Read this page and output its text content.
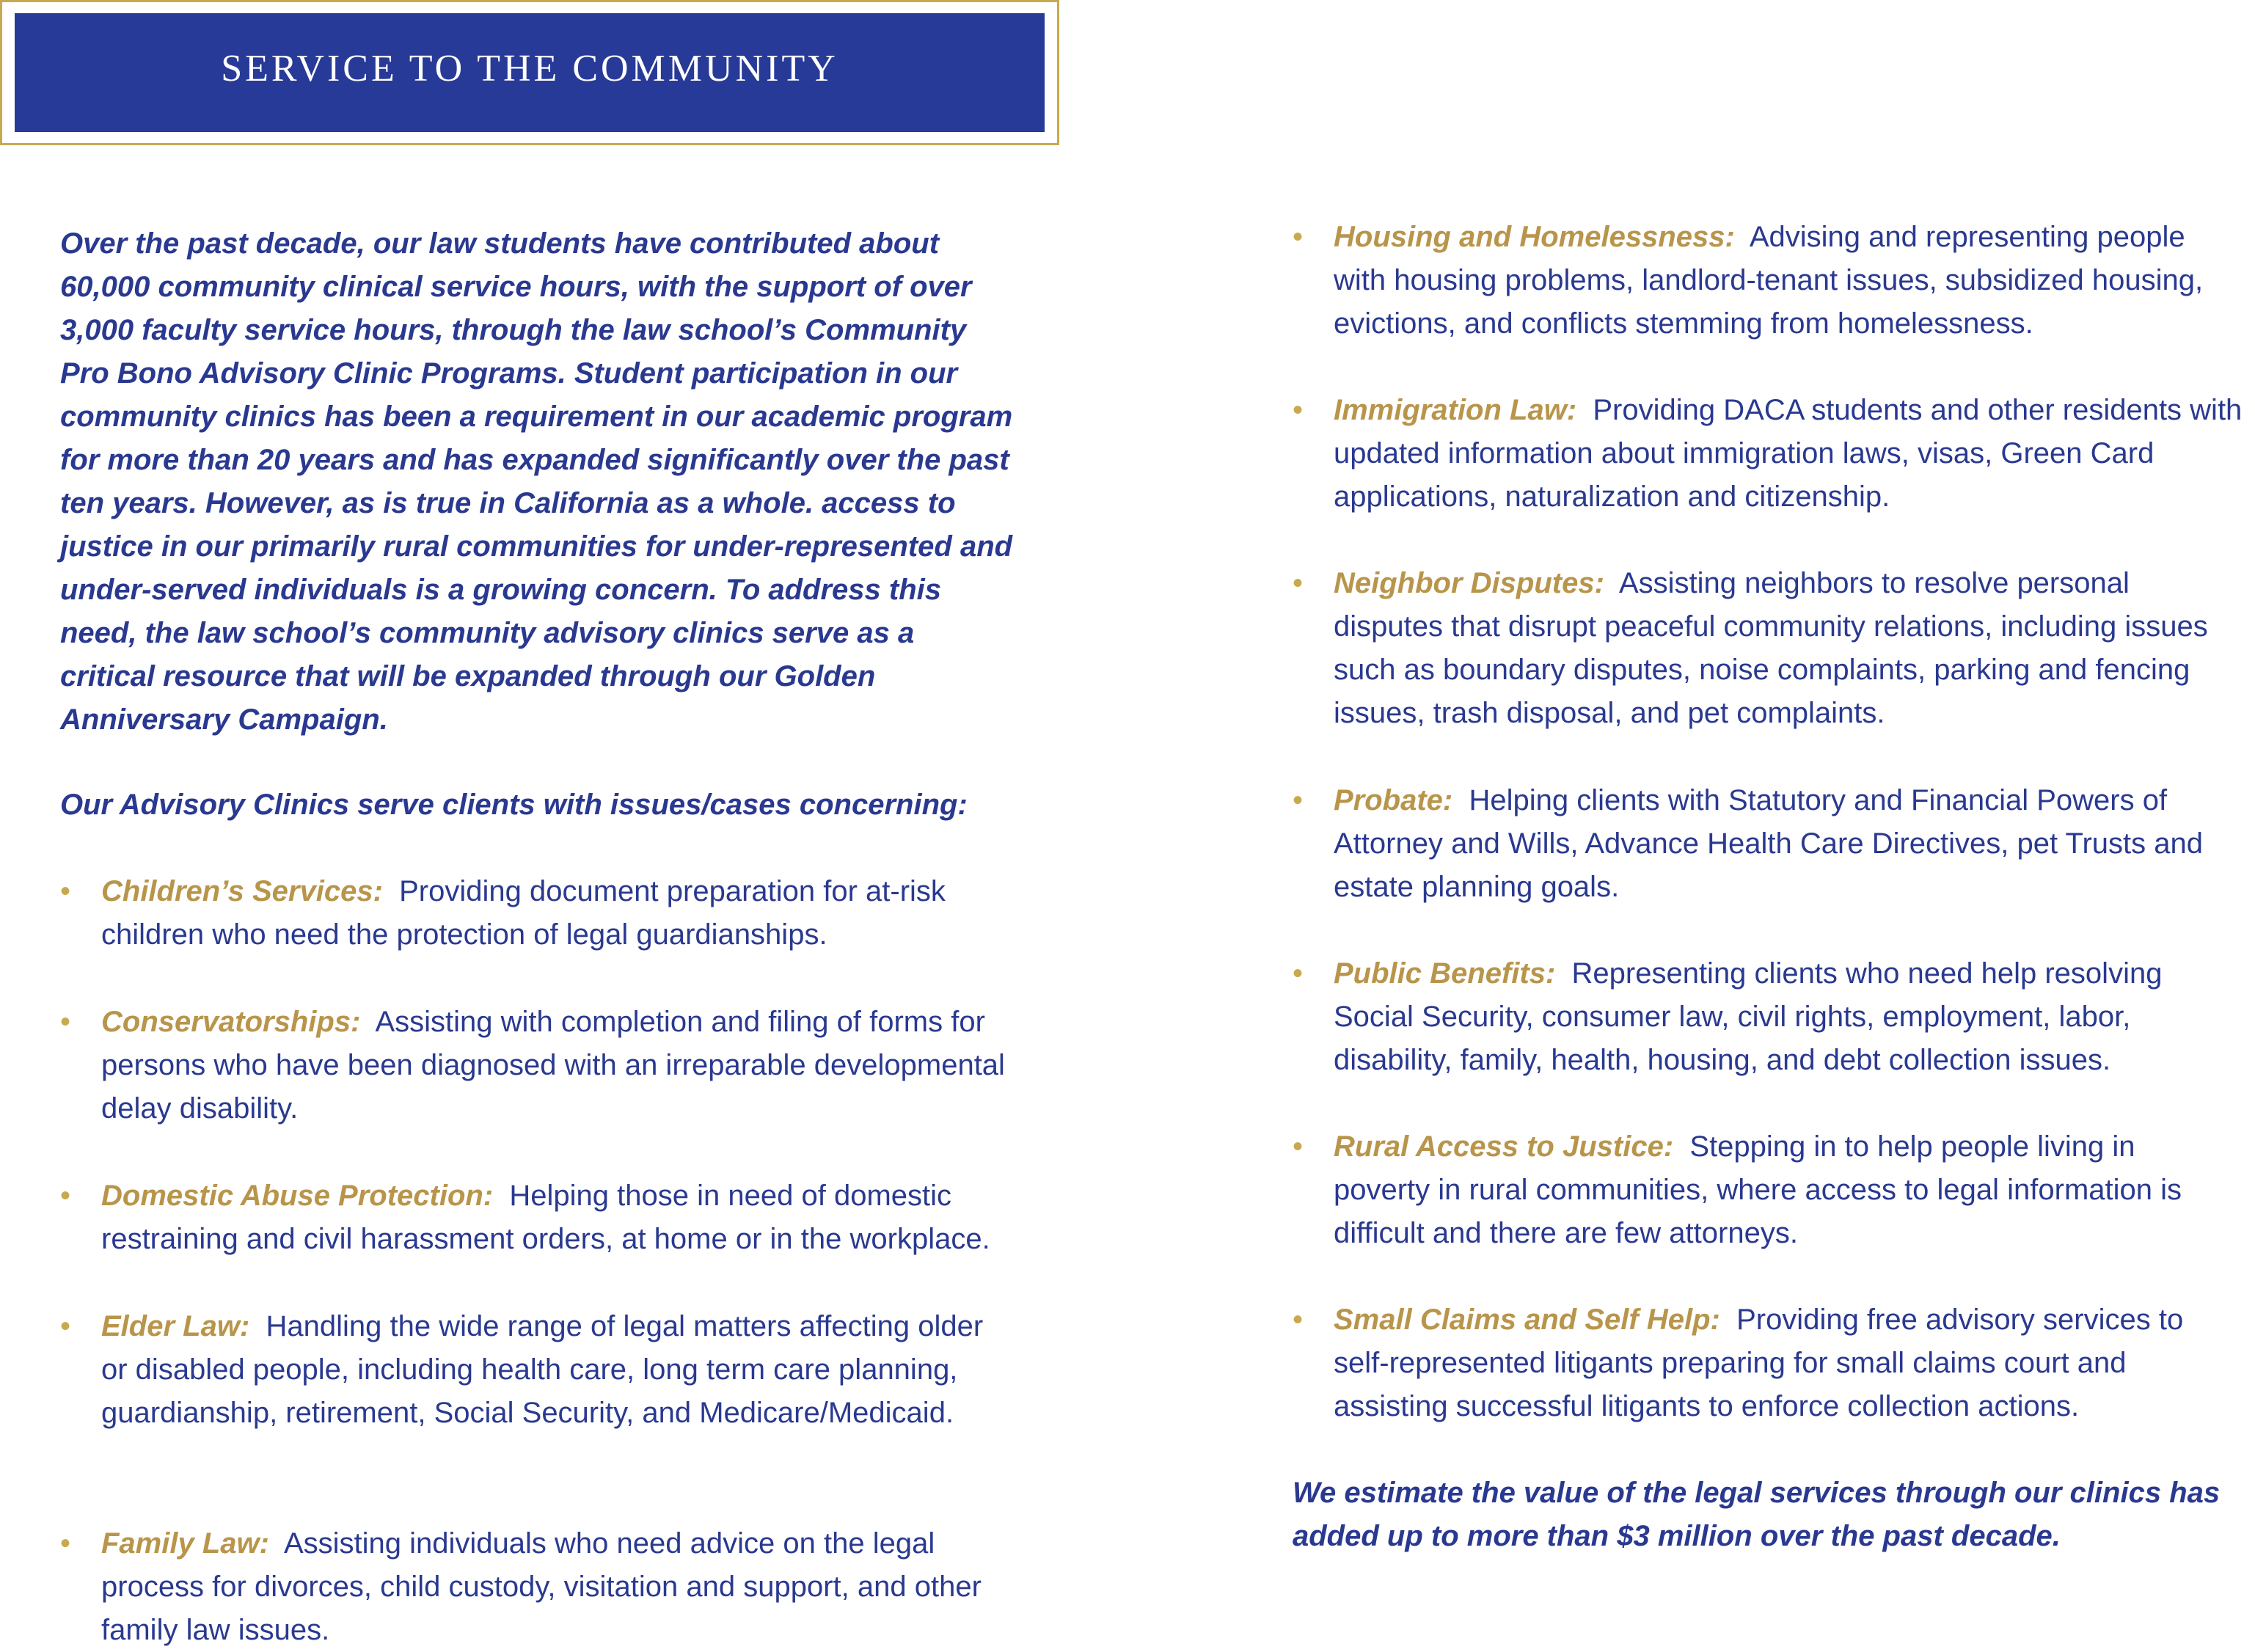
SERVICE TO THE COMMUNITY

Over the past decade, our law students have contributed about 60,000 community clinical service hours, with the support of over 3,000 faculty service hours, through the law school’s Community Pro Bono Advisory Clinic Programs. Student participation in our community clinics has been a requirement in our academic program for more than 20 years and has expanded significantly over the past ten years. However, as is true in California as a whole. access to justice in our primarily rural communities for under-represented and under-served individuals is a growing concern. To address this need, the law school’s community advisory clinics serve as a critical resource that will be expanded through our Golden Anniversary Campaign.

Our Advisory Clinics serve clients with issues/cases concerning:

• Children’s Services: Providing document preparation for at-risk children who need the protection of legal guardianships.
• Conservatorships: Assisting with completion and filing of forms for persons who have been diagnosed with an irreparable developmental delay disability.
• Domestic Abuse Protection: Helping those in need of domestic restraining and civil harassment orders, at home or in the workplace.
• Elder Law: Handling the wide range of legal matters affecting older or disabled people, including health care, long term care planning, guardianship, retirement, Social Security, and Medicare/Medicaid.
• Family Law: Assisting individuals who need advice on the legal process for divorces, child custody, visitation and support, and other family law issues.
• Housing and Homelessness: Advising and representing people with housing problems, landlord-tenant issues, subsidized housing, evictions, and conflicts stemming from homelessness.
• Immigration Law: Providing DACA students and other residents with updated information about immigration laws, visas, Green Card applications, naturalization and citizenship.
• Neighbor Disputes: Assisting neighbors to resolve personal disputes that disrupt peaceful community relations, including issues such as boundary disputes, noise complaints, parking and fencing issues, trash disposal, and pet complaints.
• Probate: Helping clients with Statutory and Financial Powers of Attorney and Wills, Advance Health Care Directives, pet Trusts and estate planning goals.
• Public Benefits: Representing clients who need help resolving Social Security, consumer law, civil rights, employment, labor, disability, family, health, housing, and debt collection issues.
• Rural Access to Justice: Stepping in to help people living in poverty in rural communities, where access to legal information is difficult and there are few attorneys.
• Small Claims and Self Help: Providing free advisory services to self-represented litigants preparing for small claims court and assisting successful litigants to enforce collection actions.

We estimate the value of the legal services through our clinics has added up to more than $3 million over the past decade.
